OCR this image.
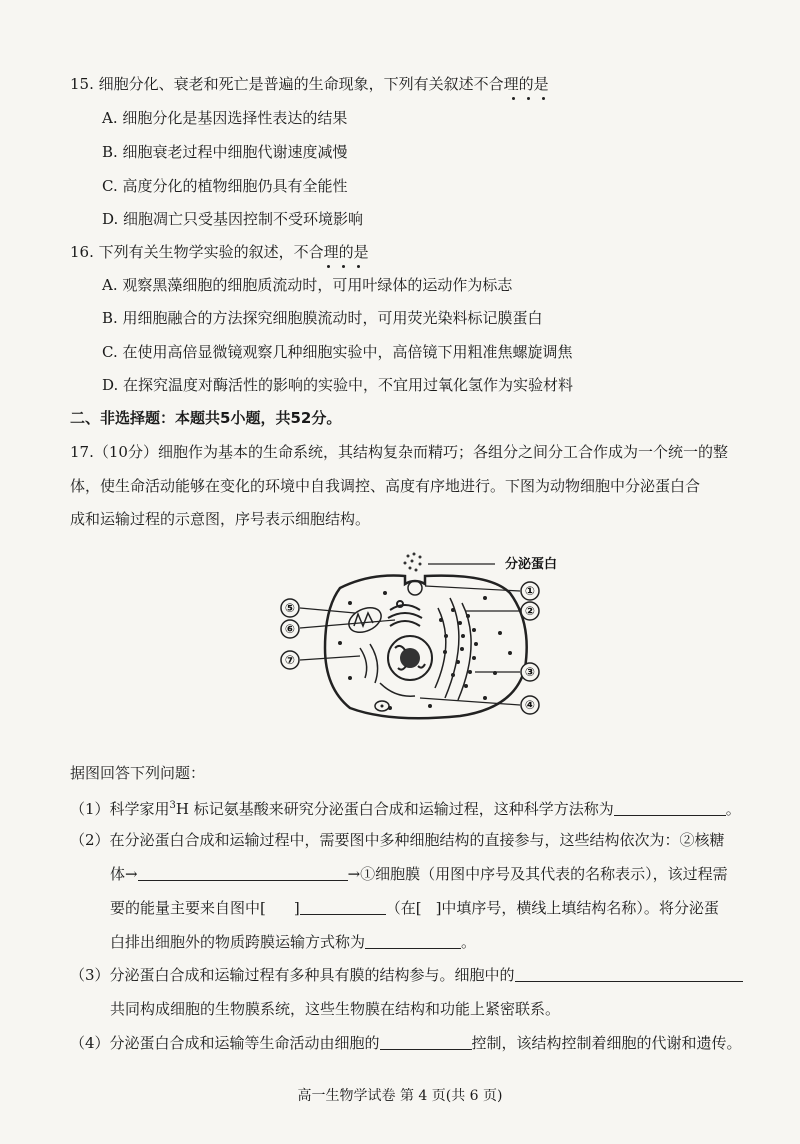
15. 细胞分化、衰老和死亡是普遍的生命现象，下列有关叙述不合理的是
A. 细胞分化是基因选择性表达的结果
B. 细胞衰老过程中细胞代谢速度减慢
C. 高度分化的植物细胞仍具有全能性
D. 细胞凋亡只受基因控制不受环境影响
16. 下列有关生物学实验的叙述，不合理的是
A. 观察黑藻细胞的细胞质流动时，可用叶绿体的运动作为标志
B. 用细胞融合的方法探究细胞膜流动时，可用荧光染料标记膜蛋白
C. 在使用高倍显微镜观察几种细胞实验中，高倍镜下用粗准焦螺旋调焦
D. 在探究温度对酶活性的影响的实验中，不宜用过氧化氢作为实验材料
二、非选择题：本题共5小题，共52分。
17.（10分）细胞作为基本的生命系统，其结构复杂而精巧；各组分之间分工合作成为一个统一的整
体，使生命活动能够在变化的环境中自我调控、高度有序地进行。下图为动物细胞中分泌蛋白合
成和运输过程的示意图，序号表示细胞结构。
⑤
⑥
⑦
①
②
③
④
分泌蛋白
据图回答下列问题：
（1）科学家用$^3$H 标记氨基酸来研究分泌蛋白合成和运输过程，这种科学方法称为	。
（2）在分泌蛋白合成和运输过程中，需要图中多种细胞结构的直接参与，这些结构依次为：②核糖
体→	→①细胞膜（用图中序号及其代表的名称表示），该过程需
要的能量主要来自图中[ ]	（在[ ]中填序号，横线上填结构名称）。将分泌蛋
白排出细胞外的物质跨膜运输方式称为	。
（3）分泌蛋白合成和运输过程有多种具有膜的结构参与。细胞中的
共同构成细胞的生物膜系统，这些生物膜在结构和功能上紧密联系。
（4）分泌蛋白合成和运输等生命活动由细胞的	控制，该结构控制着细胞的代谢和遗传。
高一生物学试卷 第 4 页(共 6 页)
